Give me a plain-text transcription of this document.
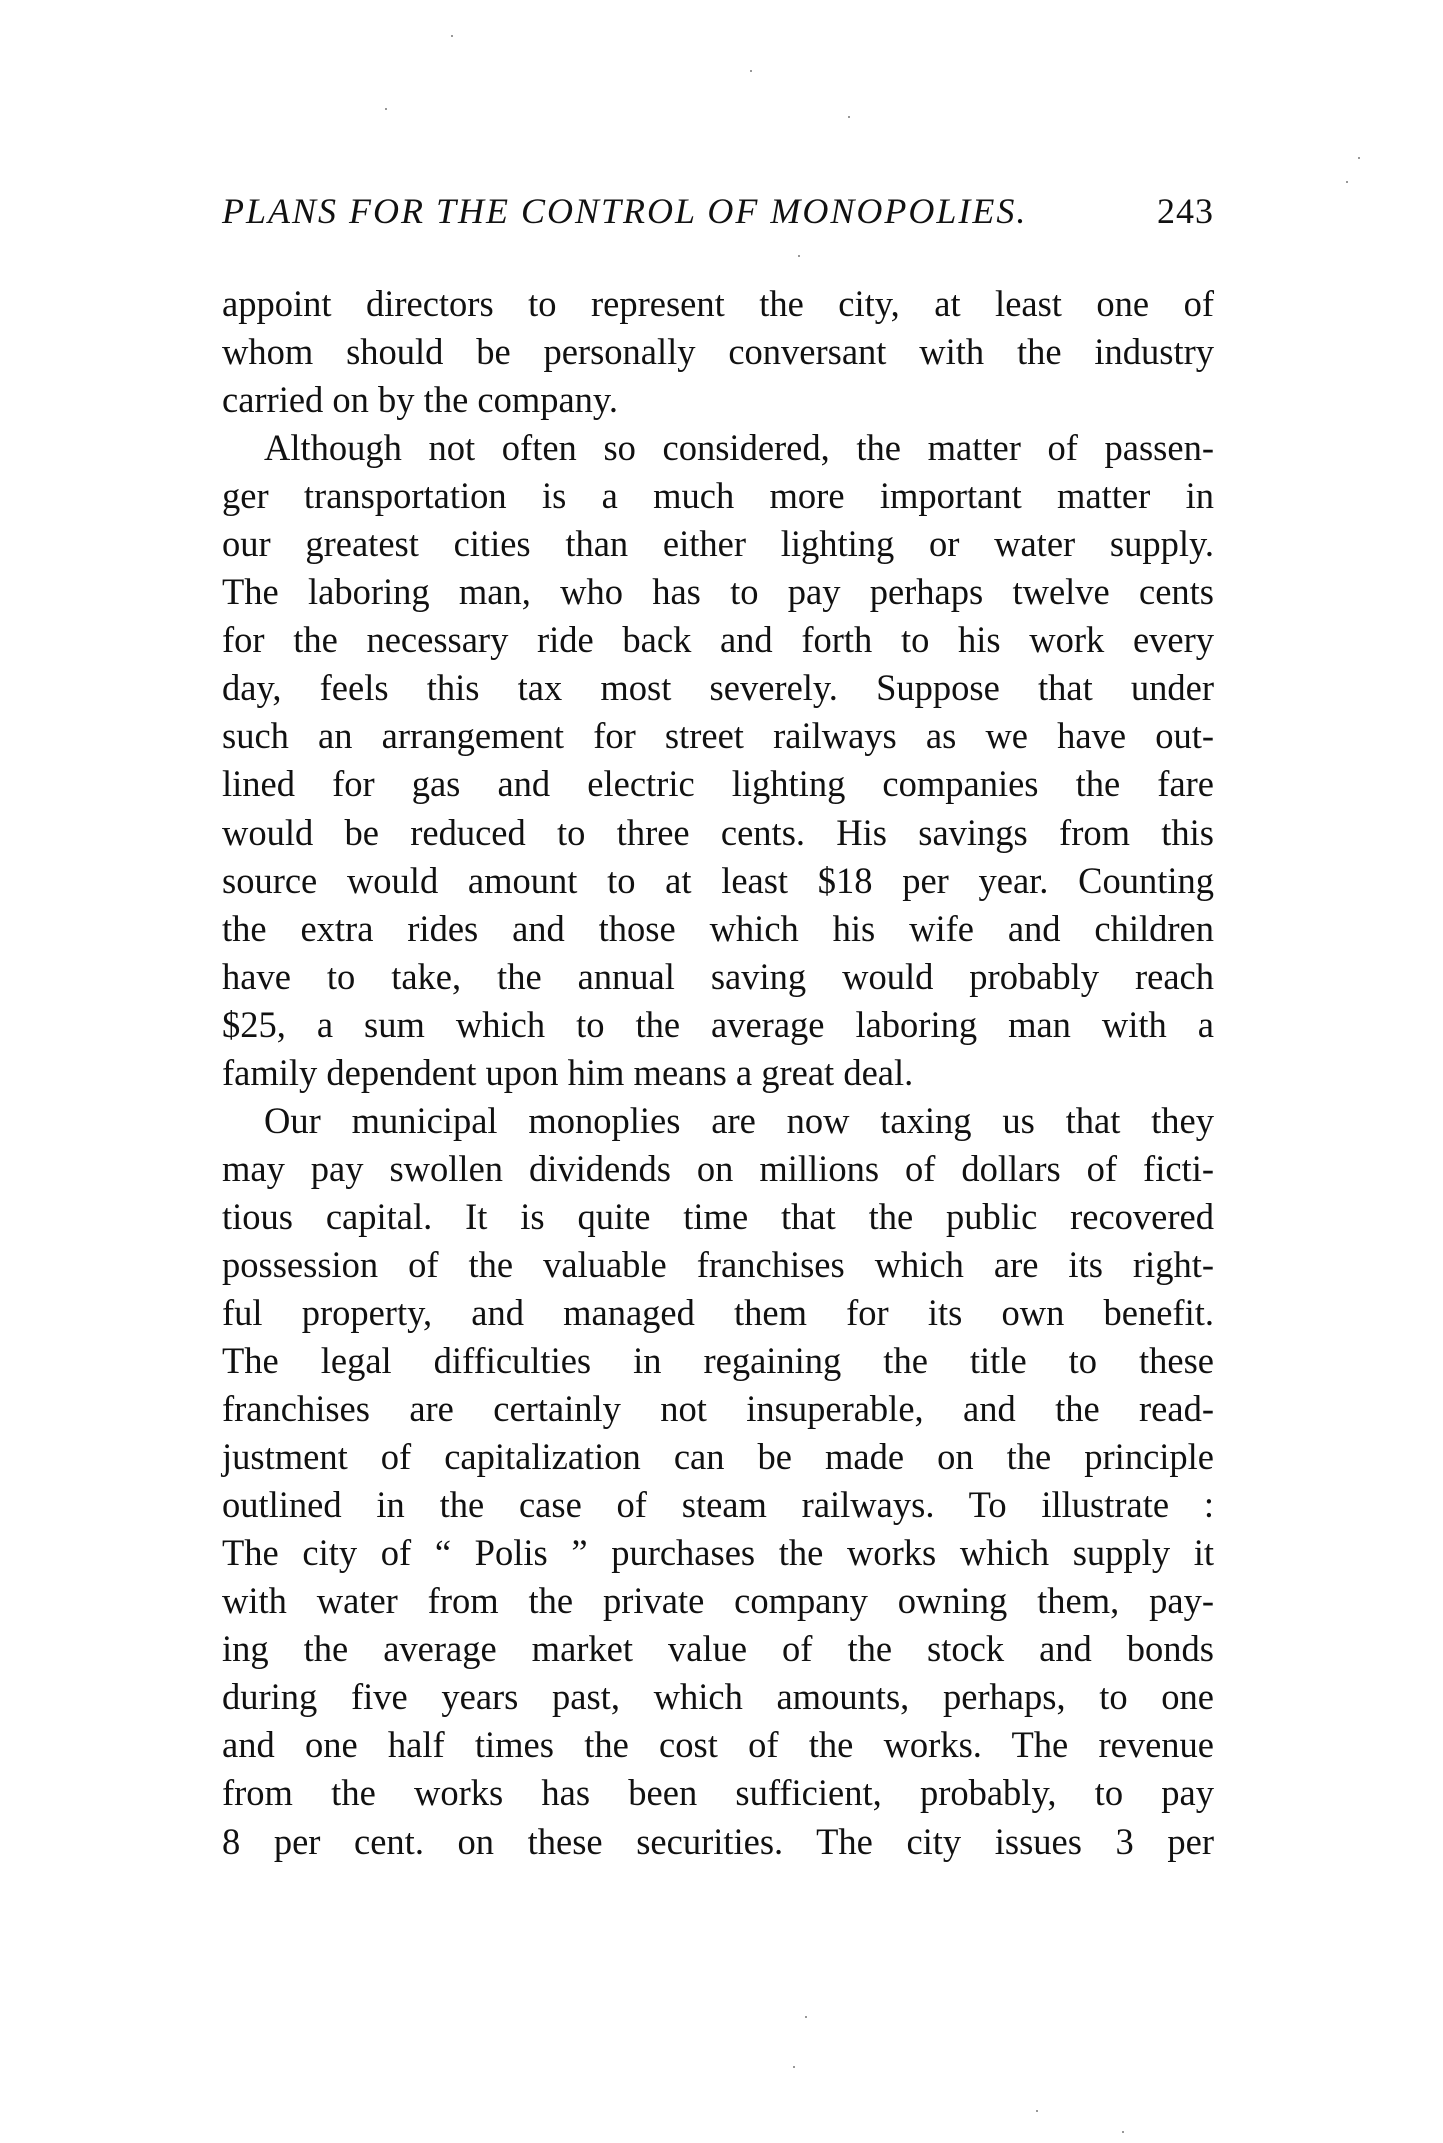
PLANS FOR THE CONTROL OF MONOPOLIES.	243
appoint directors to represent the city, at least one of
whom should be personally conversant with the industry
carried on by the company.
Although not often so considered, the matter of passen-
ger transportation is a much more important matter in
our greatest cities than either lighting or water supply.
The laboring man, who has to pay perhaps twelve cents
for the necessary ride back and forth to his work every
day, feels this tax most severely. Suppose that under
such an arrangement for street railways as we have out-
lined for gas and electric lighting companies the fare
would be reduced to three cents. His savings from this
source would amount to at least $18 per year. Counting
the extra rides and those which his wife and children
have to take, the annual saving would probably reach
$25, a sum which to the average laboring man with a
family dependent upon him means a great deal.
Our municipal monoplies are now taxing us that they
may pay swollen dividends on millions of dollars of ficti-
tious capital. It is quite time that the public recovered
possession of the valuable franchises which are its right-
ful property, and managed them for its own benefit.
The legal difficulties in regaining the title to these
franchises are certainly not insuperable, and the read-
justment of capitalization can be made on the principle
outlined in the case of steam railways. To illustrate :
The city of “ Polis ” purchases the works which supply it
with water from the private company owning them, pay-
ing the average market value of the stock and bonds
during five years past, which amounts, perhaps, to one
and one half times the cost of the works. The revenue
from the works has been sufficient, probably, to pay
8 per cent. on these securities. The city issues 3 per
